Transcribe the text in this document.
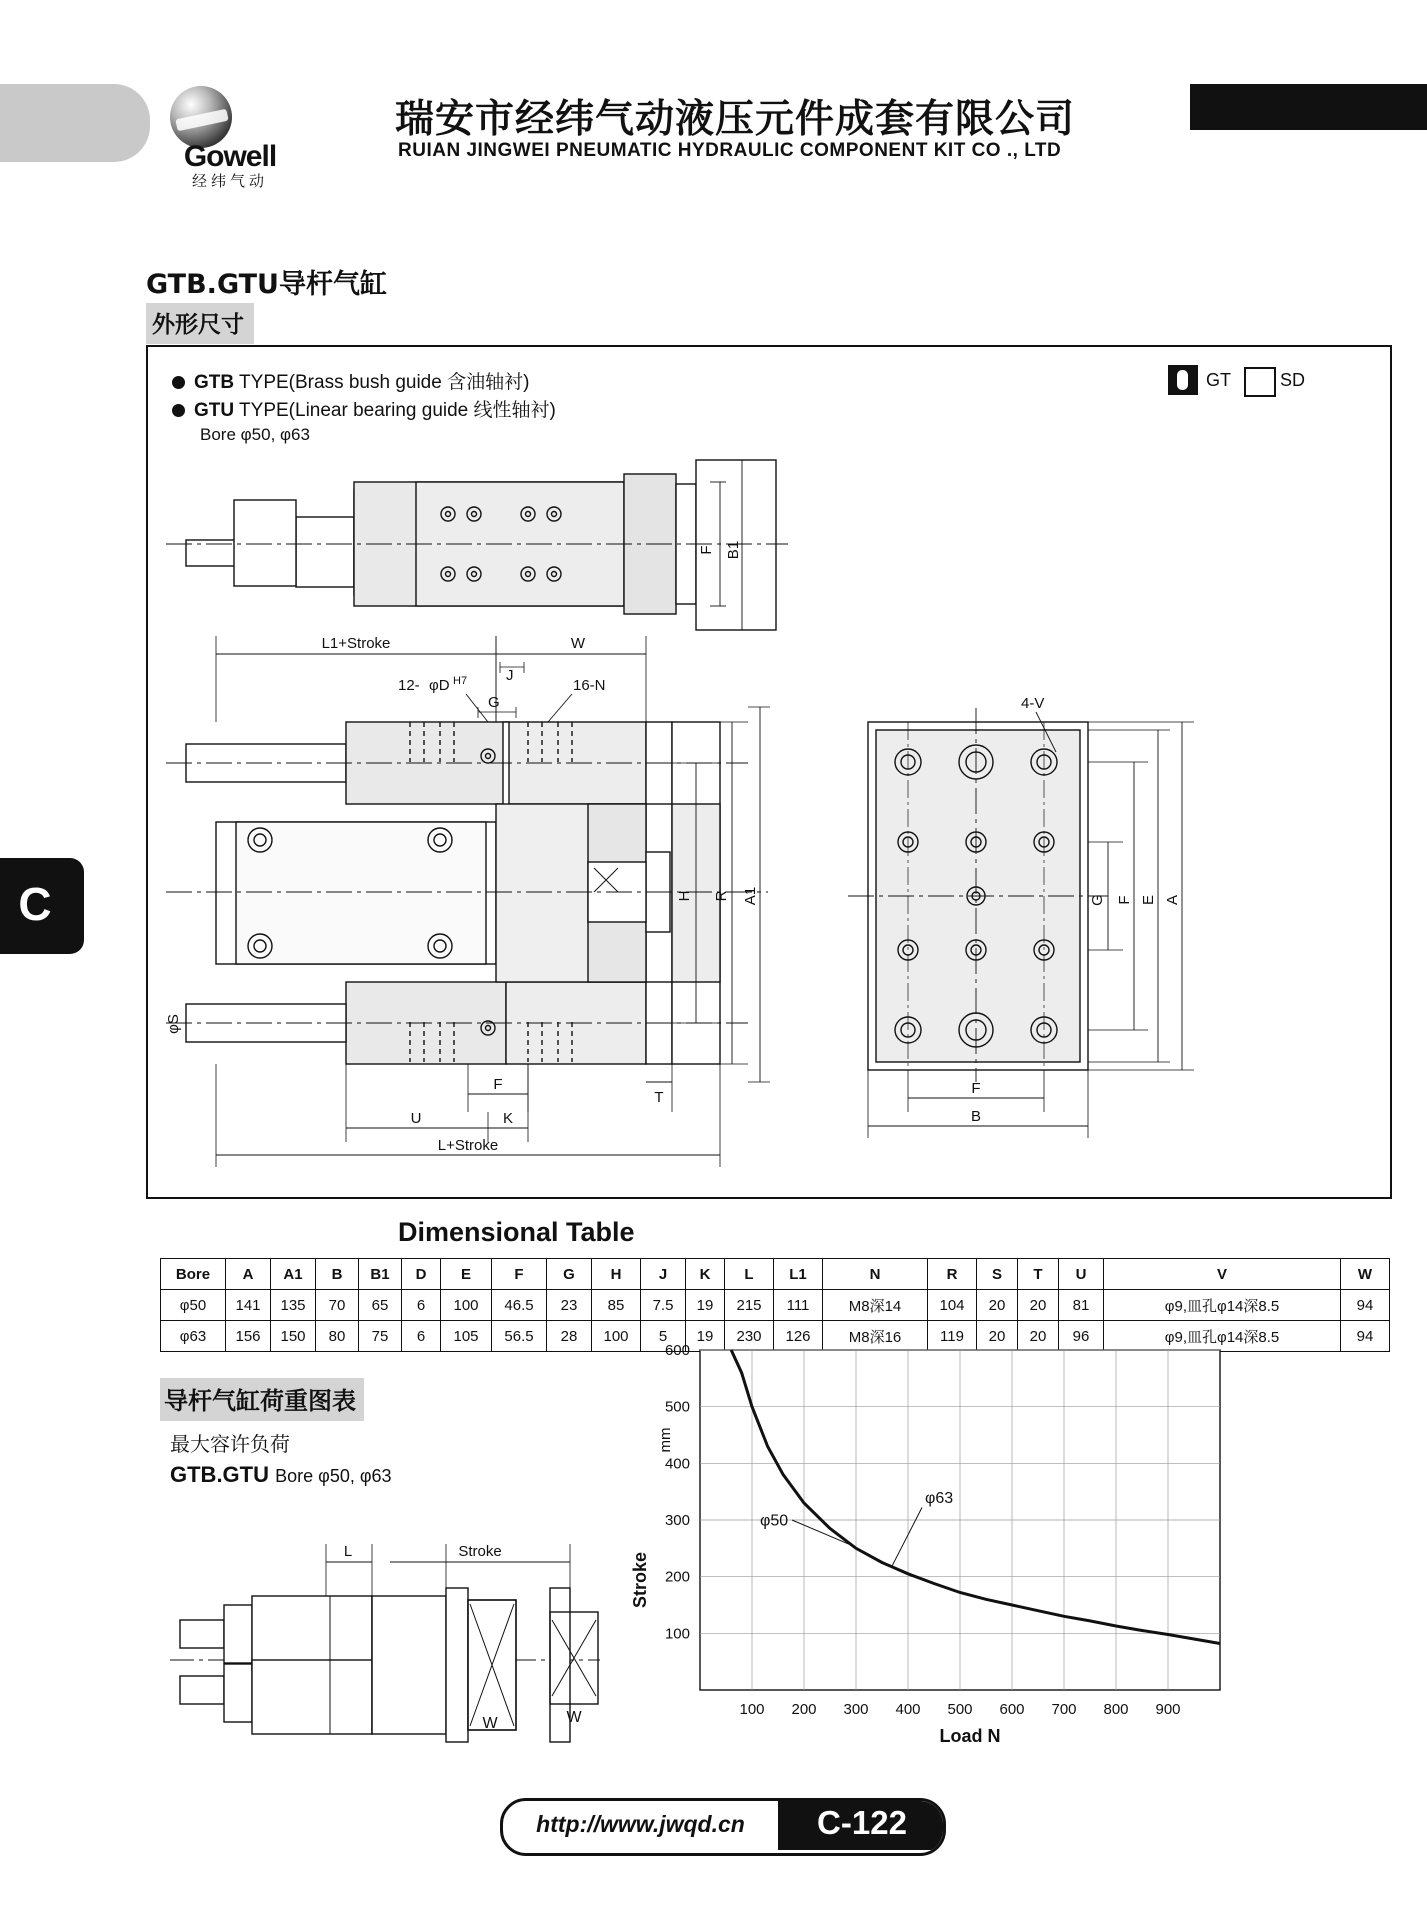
Gowell
经纬气动
瑞安市经纬气动液压元件成套有限公司
RUIAN JINGWEI PNEUMATIC HYDRAULIC COMPONENT KIT CO ., LTD
GTB.GTU导杆气缸
外形尺寸
C
GTB TYPE(Brass bush guide 含油轴衬)
GTU TYPE(Linear bearing guide 线性轴衬)
Bore φ50, φ63
GT	SD
F B1
L1+Stroke	W
12- φD H7	16-N
J
G
H R A1
φS
F
U	K
T
L+Stroke
4-V
G F E A
F
B
Dimensional Table
Bore	A	A1	B	B1	D	E	F	G	H	J	K	L	L1	N	R	S	T	U	V	W
φ50	141	135	70	65	6	100	46.5	23	85	7.5	19	215	111	M8深14	104	20	20	81	φ9,皿孔φ14深8.5	94
φ63	156	150	80	75	6	105	56.5	28	100	5	19	230	126	M8深16	119	20	20	96	φ9,皿孔φ14深8.5	94
导杆气缸荷重图表
最大容许负荷
GTB.GTU Bore φ50, φ63
L	Stroke
W	W	100 200 300 400 500 600 700 800 900
100
200
300
400
500
600
Stroke
mm
Load N
φ50
φ63
http://www.jwqd.cn	C-122
